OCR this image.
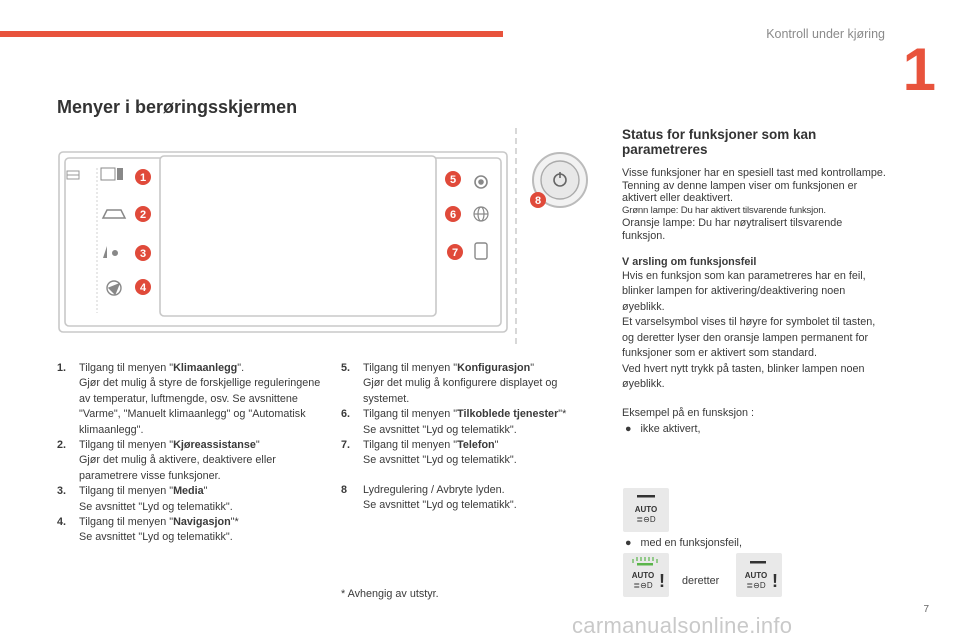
Kontroll under kjøring
1
Menyer i berøringsskjermen
1
2
3
4
5
6
7
8
1. Tilgang til menyen "Klimaanlegg".
Gjør det mulig å styre de forskjellige reguleringene av temperatur, luftmengde, osv. Se avsnittene "Varme", "Manuelt klimaanlegg" og "Automatisk klimaanlegg".
2. Tilgang til menyen "Kjøreassistanse"
Gjør det mulig å aktivere, deaktivere eller parametrere visse funksjoner.
3. Tilgang til menyen "Media"
Se avsnittet "Lyd og telematikk".
4. Tilgang til menyen "Navigasjon"*
Se avsnittet "Lyd og telematikk".
5. Tilgang til menyen "Konfigurasjon"
Gjør det mulig å konfigurere displayet og systemet.
6. Tilgang til menyen "Tilkoblede tjenester"*
Se avsnittet "Lyd og telematikk".
7. Tilgang til menyen "Telefon"
Se avsnittet "Lyd og telematikk".
8 Lydregulering / Avbryte lyden.
Se avsnittet "Lyd og telematikk".
* Avhengig av utstyr.
Status for funksjoner som kan parametreres

Visse funksjoner har en spesiell tast med kontrollampe.

Tenning av denne lampen viser om funksjonen er aktivert eller deaktivert.

Grønn lampe: Du har aktivert tilsvarende funksjon.

Oransje lampe: Du har nøytralisert tilsvarende funksjon.

V arsling om funksjonsfeil

Hvis en funksjon som kan parametreres har en feil, blinker lampen for aktivering/deaktivering noen øyeblikk.

Et varselsymbol vises til høyre for symbolet til tasten, og deretter lyser den oransje lampen permanent for funksjoner som er aktivert som standard.

Ved hvert nytt trykk på tasten, blinker lampen noen øyeblikk.

Eksempel på en funsksjon :

●   ikke aktivert,

AUTO
≣⊖D
●   med en funksjonsfeil,
AUTO
≣⊖D ! deretter	AUTO
≣⊖D !
7
carmanualsonline.info
